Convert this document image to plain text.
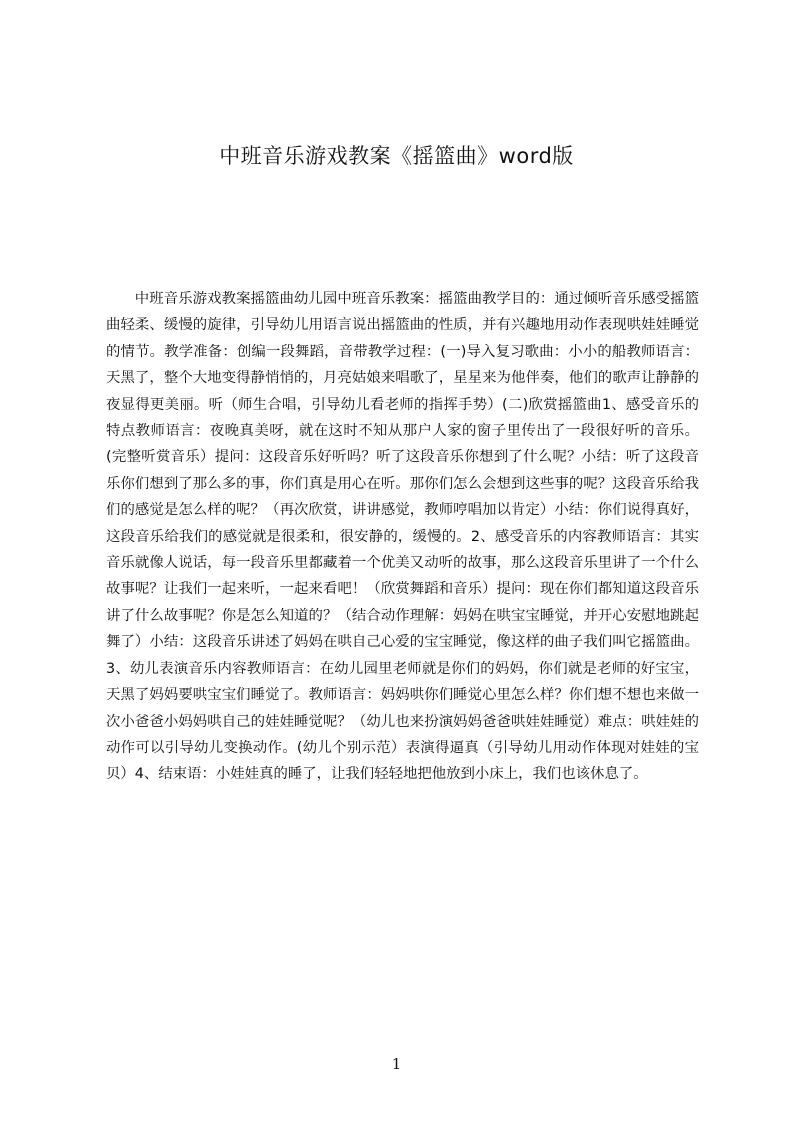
中班音乐游戏教案《摇篮曲》word版

中班音乐游戏教案摇篮曲幼儿园中班音乐教案：摇篮曲教学目的：通过倾听音乐感受摇篮曲轻柔、缓慢的旋律，引导幼儿用语言说出摇篮曲的性质，并有兴趣地用动作表现哄娃娃睡觉的情节。教学准备：创编一段舞蹈，音带教学过程：(一)导入复习歌曲：小小的船教师语言：天黑了，整个大地变得静悄悄的，月亮姑娘来唱歌了，星星来为他伴奏，他们的歌声让静静的夜显得更美丽。听（师生合唱，引导幼儿看老师的指挥手势）(二)欣赏摇篮曲1、感受音乐的特点教师语言：夜晚真美呀，就在这时不知从那户人家的窗子里传出了一段很好听的音乐。(完整听赏音乐）提问：这段音乐好听吗？听了这段音乐你想到了什么呢？小结：听了这段音乐你们想到了那么多的事，你们真是用心在听。那你们怎么会想到这些事的呢？这段音乐给我们的感觉是怎么样的呢？（再次欣赏，讲讲感觉，教师哼唱加以肯定）小结：你们说得真好，这段音乐给我们的感觉就是很柔和，很安静的，缓慢的。2、感受音乐的内容教师语言：其实音乐就像人说话，每一段音乐里都藏着一个优美又动听的故事，那么这段音乐里讲了一个什么故事呢？让我们一起来听，一起来看吧！（欣赏舞蹈和音乐）提问：现在你们都知道这段音乐讲了什么故事呢？你是怎么知道的？（结合动作理解：妈妈在哄宝宝睡觉，并开心安慰地跳起舞了）小结：这段音乐讲述了妈妈在哄自己心爱的宝宝睡觉，像这样的曲子我们叫它摇篮曲。3、幼儿表演音乐内容教师语言：在幼儿园里老师就是你们的妈妈，你们就是老师的好宝宝，天黑了妈妈要哄宝宝们睡觉了。教师语言：妈妈哄你们睡觉心里怎么样？你们想不想也来做一次小爸爸小妈妈哄自己的娃娃睡觉呢？（幼儿也来扮演妈妈爸爸哄娃娃睡觉）难点：哄娃娃的动作可以引导幼儿变换动作。(幼儿个别示范）表演得逼真（引导幼儿用动作体现对娃娃的宝贝）4、结束语：小娃娃真的睡了，让我们轻轻地把他放到小床上，我们也该休息了。

1
